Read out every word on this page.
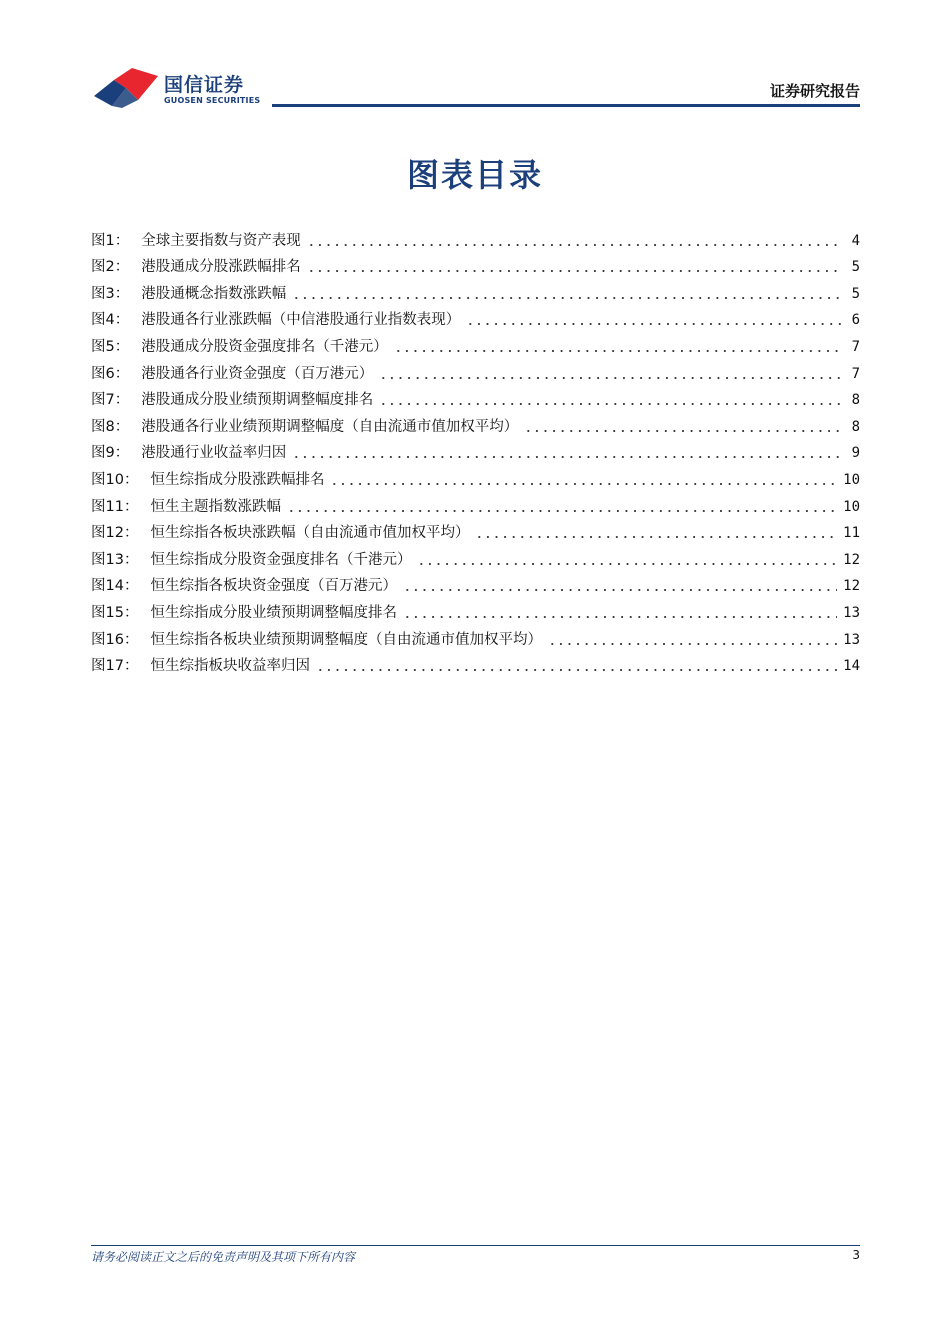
国信证券
GUOSEN SECURITIES
证券研究报告
图表目录
图1： 全球主要指数与资产表现	4
图2： 港股通成分股涨跌幅排名	5
图3： 港股通概念指数涨跌幅	5
图4： 港股通各行业涨跌幅（中信港股通行业指数表现）	6
图5： 港股通成分股资金强度排名（千港元）	7
图6： 港股通各行业资金强度（百万港元）	7
图7： 港股通成分股业绩预期调整幅度排名	8
图8： 港股通各行业业绩预期调整幅度（自由流通市值加权平均）	8
图9： 港股通行业收益率归因	9
图10： 恒生综指成分股涨跌幅排名	10
图11： 恒生主题指数涨跌幅	10
图12： 恒生综指各板块涨跌幅（自由流通市值加权平均）	11
图13： 恒生综指成分股资金强度排名（千港元）	12
图14： 恒生综指各板块资金强度（百万港元）	12
图15： 恒生综指成分股业绩预期调整幅度排名	13
图16： 恒生综指各板块业绩预期调整幅度（自由流通市值加权平均）	13
图17： 恒生综指板块收益率归因	14
请务必阅读正文之后的免责声明及其项下所有内容	3
